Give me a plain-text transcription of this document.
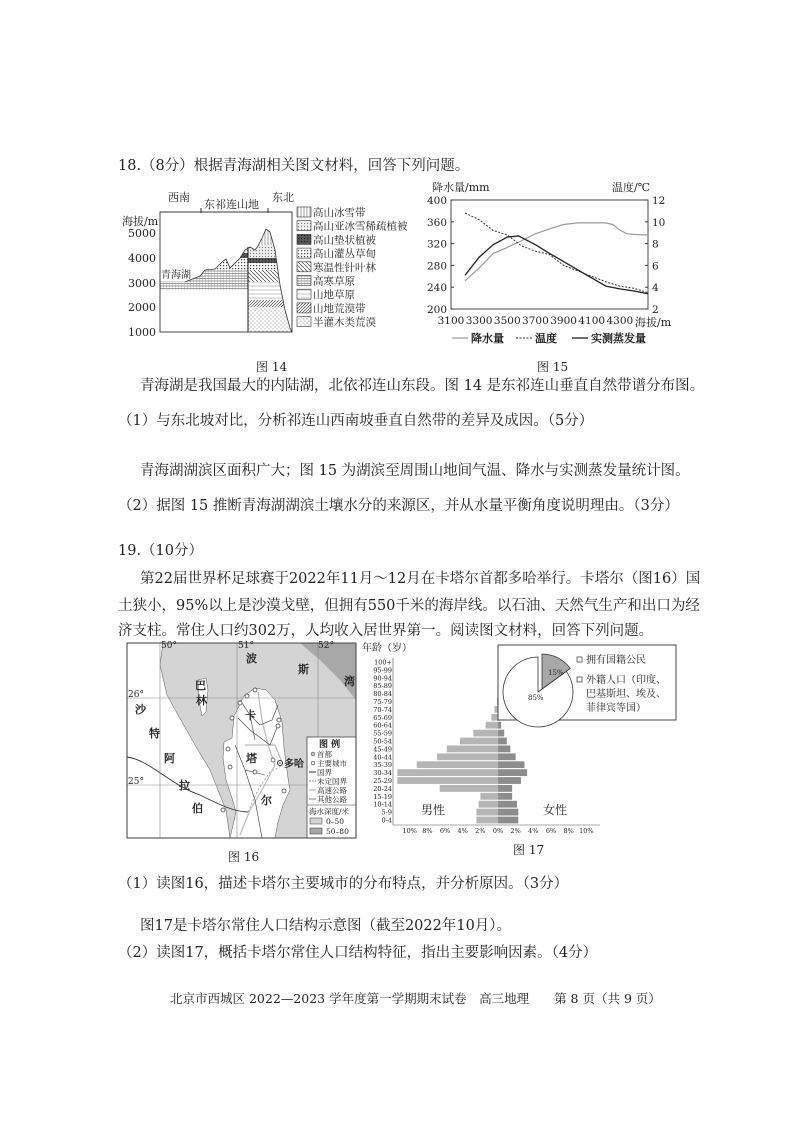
18.（8分）根据青海湖相关图文材料，回答下列问题。
青海湖是我国最大的内陆湖，北依祁连山东段。图 14 是东祁连山垂直自然带谱分布图。
（1）与东北坡对比，分析祁连山西南坡垂直自然带的差异及成因。（5分）
青海湖湖滨区面积广大；图 15 为湖滨至周围山地间气温、降水与实测蒸发量统计图。
（2）据图 15 推断青海湖湖滨土壤水分的来源区，并从水量平衡角度说明理由。（3分）
19.（10分）
第22届世界杯足球赛于2022年11月～12月在卡塔尔首都多哈举行。卡塔尔（图16）国
土狭小，95%以上是沙漠戈壁，但拥有550千米的海岸线。以石油、天然气生产和出口为经
济支柱。常住人口约302万，人均收入居世界第一。阅读图文材料，回答下列问题。
（1）读图16，描述卡塔尔主要城市的分布特点，并分析原因。（3分）
图17是卡塔尔常住人口结构示意图（截至2022年10月）。
（2）读图17，概括卡塔尔常住人口结构特征，指出主要影响因素。（4分）
北京市西城区 2022—2023 学年度第一学期期末试卷　高三地理　　第 8 页（共 9 页）
图 14	图 15
图 16	图 17
西南
东祁连山地
东北
海拔/m
5000
4000
3000
2000
1000
青海湖
高山冰雪带
高山亚冰雪稀疏植被
高山垫状植被
高山灌丛草甸
寒温性针叶林
高寒草原
山地草原
山地荒漠带
半灌木类荒漠
降水量/mm	温度/℃
海拔/m
400	12
360	10
320	8
280	6
240	4
200	2
3100 3300 3500 3700 3900 4100 4300
降水量	温度	实测蒸发量
多哈
50°	51°	52°
26°
25°
波
斯
湾
巴
林
沙
特
阿
拉
伯
卡
塔
尔
图 例
首都
主要城市
国界
未定国界
高速公路
其他公路
海水深度/米
0–50
50–80
年龄（岁）
男性	女性
0-4
5-9
10-14
15-19
20-24
25-29
30-34
35-39
40-44
45-49
50-54
55-59
60-64
65-69
70-74
75-79
80-84
85-89
90-94
95-99
100+
10% 8% 6% 4% 2% 0% 2% 4% 6% 8% 10%
15%
85%
拥有国籍公民
外籍人口（印度、
巴基斯坦、埃及、
菲律宾等国）
